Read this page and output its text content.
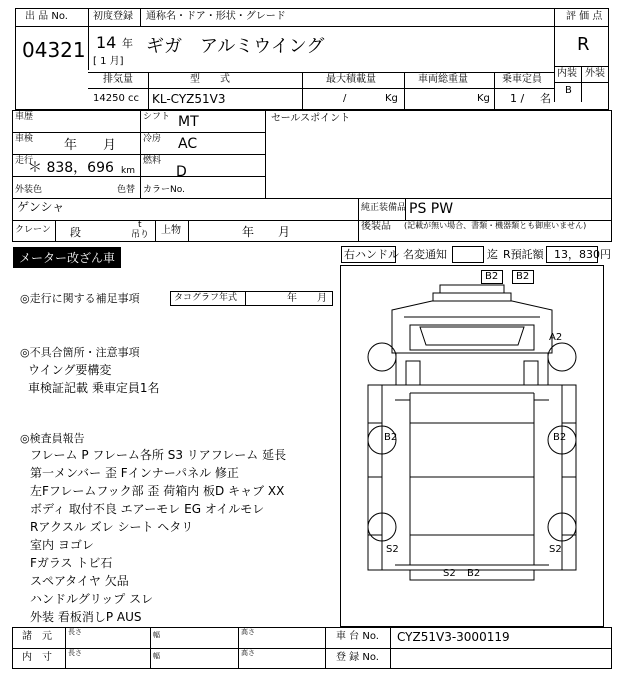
出 品 No.
04321
初度登録 通称名・ドア・形状・グレード
14 年
[ 1 月]
ギガ　アルミウイング
評 価 点
R
内装 外装
B
排気量	型　　式	最大積載量	車両総重量	乗車定員
14250 cc KL-CYZ51V3	/	Kg	Kg 1 / 名
車歴	シフト MT	セールスポイント
車検 年　　月	冷房 AC
走行
＊ 838，696 km
燃料
D
外装色	色替 カラーNo.
ゲンシャ	純正装備品 PS PW
後装品 (記載が無い場合、書類・機器類とも御座いません)
クレーン 段
t
吊り 上物	年　　月
メーター改ざん車	右ハンドル 名変通知	迄 R預託額 13，830 円
◎走行に関する補足事項	タコグラフ年式	年　　月
◎不具合箇所・注意事項
ウイング要構変
車検証記載 乗車定員1名
◎検査員報告
フレーム P フレーム各所 S3 リアフレーム 延長
第一メンバー 歪 Fインナーパネル 修正
左Fフレームフック部 歪 荷箱内 板D キャブ XX
ボディ 取付不良 エアーモレ EG オイルモレ
Rアクスル ズレ シート ヘタリ
室内 ヨゴレ
Fガラス トビ石
スペアタイヤ 欠品
ハンドルグリップ スレ
外装 看板消しP AUS
B2 B2
A2
B2	B2
S2	S2
S2 B2
諸　元
内　寸
長さ	幅	高さ
長さ	幅	高さ
車 台 No. CYZ51V3-3000119
登 録 No.
